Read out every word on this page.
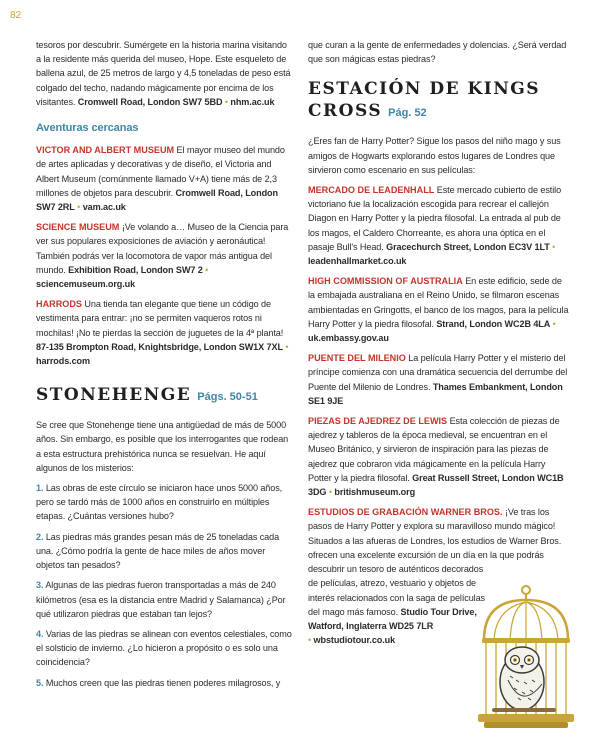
82

tesoros por descubrir. Sumérgete en la historia marina visitando a la residente más querida del museo, Hope. Este esqueleto de ballena azul, de 25 metros de largo y 4,5 toneladas de peso está colgado del techo, nadando mágicamente por encima de los visitantes. Cromwell Road, London SW7 5BD • nhm.ac.uk

Aventuras cercanas

VICTOR AND ALBERT MUSEUM El mayor museo del mundo de artes aplicadas y decorativas y de diseño, el Victoria and Albert Museum (comúnmente llamado V+A) tiene más de 2,3 millones de objetos para descubrir. Cromwell Road, London SW7 2RL • vam.ac.uk

SCIENCE MUSEUM ¡Ve volando a… Museo de la Ciencia para ver sus populares exposiciones de aviación y aeronáutica! También podrás ver la locomotora de vapor más antigua del mundo. Exhibition Road, London SW7 2 • sciencemuseum.org.uk

HARRODS Una tienda tan elegante que tiene un código de vestimenta para entrar: ¡no se permiten vaqueros rotos ni mochilas! ¡No te pierdas la sección de juguetes de la 4ª planta! 87-135 Brompton Road, Knightsbridge, London SW1X 7XL • harrods.com

STONEHENGE Págs. 50-51

Se cree que Stonehenge tiene una antigüedad de más de 5000 años. Sin embargo, es posible que los interrogantes que rodean a esta estructura prehistórica nunca se resuelvan. He aquí algunos de los misterios:

1. Las obras de este círculo se iniciaron hace unos 5000 años, pero se tardó más de 1000 años en construirlo en múltiples etapas. ¿Cuántas versiones hubo?

2. Las piedras más grandes pesan más de 25 toneladas cada una. ¿Cómo podría la gente de hace miles de años mover objetos tan pesados?

3. Algunas de las piedras fueron transportadas a más de 240 kilómetros (esa es la distancia entre Madrid y Salamanca) ¿Por qué utilizaron piedras que estaban tan lejos?

4. Varias de las piedras se alinean con eventos celestiales, como el solsticio de invierno. ¿Lo hicieron a propósito o es solo una coincidencia?

5. Muchos creen que las piedras tienen poderes milagrosos, y

que curan a la gente de enfermedades y dolencias. ¿Será verdad que son mágicas estas piedras?

ESTACIÓN DE KINGS CROSS Pág. 52

¿Eres fan de Harry Potter? Sigue los pasos del niño mago y sus amigos de Hogwarts explorando estos lugares de Londres que sirvieron como escenario en sus películas:

MERCADO DE LEADENHALL Este mercado cubierto de estilo victoriano fue la localización escogida para recrear el callejón Diagon en Harry Potter y la piedra filosofal. La entrada al pub de los magos, el Caldero Chorreante, es ahora una óptica en el pasaje Bull's Head. Gracechurch Street, London EC3V 1LT • leadenhallmarket.co.uk

HIGH COMMISSION OF AUSTRALIA En este edificio, sede de la embajada australiana en el Reino Unido, se filmaron escenas ambientadas en Gringotts, el banco de los magos, para la película Harry Potter y la piedra filosofal. Strand, London WC2B 4LA • uk.embassy.gov.au

PUENTE DEL MILENIO La película Harry Potter y el misterio del príncipe comienza con una dramática secuencia del derrumbe del Puente del Milenio de Londres. Thames Embankment, London SE1 9JE

PIEZAS DE AJEDREZ DE LEWIS Esta colección de piezas de ajedrez y tableros de la época medieval, se encuentran en el Museo Británico, y sirvieron de inspiración para las piezas de ajedrez que cobraron vida mágicamente en la película Harry Potter y la piedra filosofal. Great Russell Street, London WC1B 3DG • britishmuseum.org

ESTUDIOS DE GRABACIÓN WARNER BROS. ¡Ve tras los pasos de Harry Potter y explora su maravilloso mundo mágico! Situados a las afueras de Londres, los estudios de Warner Bros. ofrecen una excelente excursión de un día en la que podrás

descubrir un tesoro de auténticos decorados de películas, atrezo, vestuario y objetos de interés relacionados con la saga de películas del mago más famoso. Studio Tour Drive, Watford, Inglaterra WD25 7LR
• wbstudiotour.co.uk
